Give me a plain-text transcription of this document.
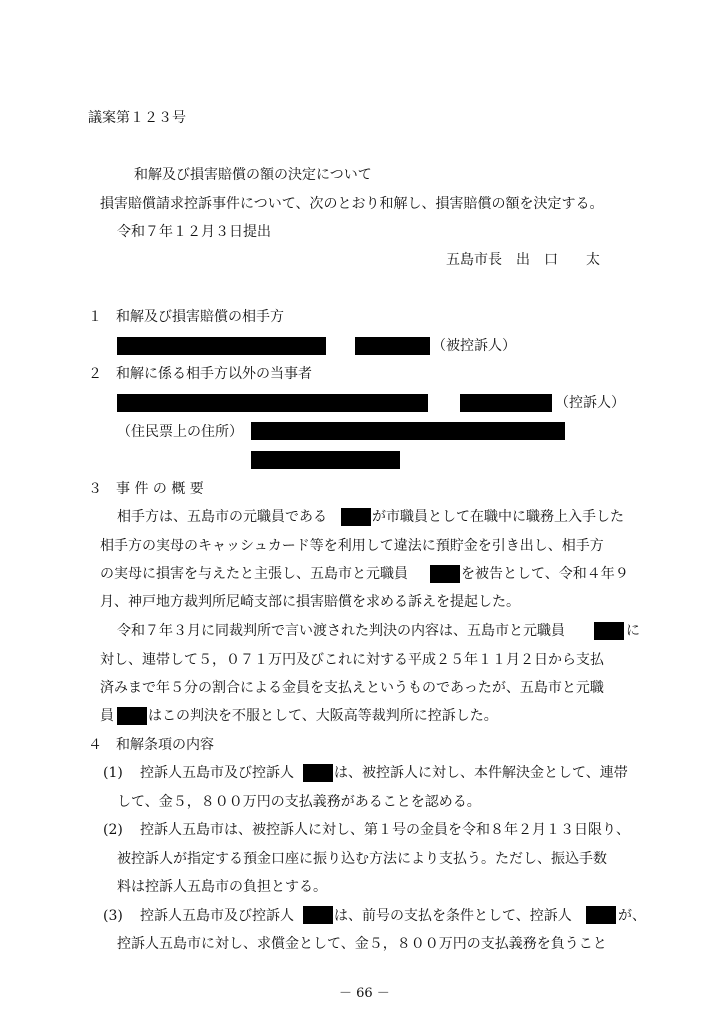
議案第１２３号
和解及び損害賠償の額の決定について
損害賠償請求控訴事件について、次のとおり和解し、損害賠償の額を決定する。
令和７年１２月３日提出
五島市長　出　口　　太
１　和解及び損害賠償の相手方
（被控訴人）
２　和解に係る相手方以外の当事者
（控訴人）
（住民票上の住所）
３　事 件 の 概 要
相手方は、五島市の元職員である	が市職員として在職中に職務上入手した
相手方の実母のキャッシュカード等を利用して違法に預貯金を引き出し、相手方
の実母に損害を与えたと主張し、五島市と元職員	を被告として、令和４年９
月、神戸地方裁判所尼崎支部に損害賠償を求める訴えを提起した。
令和７年３月に同裁判所で言い渡された判決の内容は、五島市と元職員	に
対し、連帯して５，０７１万円及びこれに対する平成２５年１１月２日から支払
済みまで年５分の割合による金員を支払えというものであったが、五島市と元職
員 はこの判決を不服として、大阪高等裁判所に控訴した。
４　和解条項の内容
(1) 控訴人五島市及び控訴人	は、被控訴人に対し、本件解決金として、連帯
して、金５，８００万円の支払義務があることを認める。
(2) 控訴人五島市は、被控訴人に対し、第１号の金員を令和８年２月１３日限り、
被控訴人が指定する預金口座に振り込む方法により支払う。ただし、振込手数
料は控訴人五島市の負担とする。
(3) 控訴人五島市及び控訴人	は、前号の支払を条件として、控訴人	が、
控訴人五島市に対し、求償金として、金５，８００万円の支払義務を負うこと
－ 66 －
